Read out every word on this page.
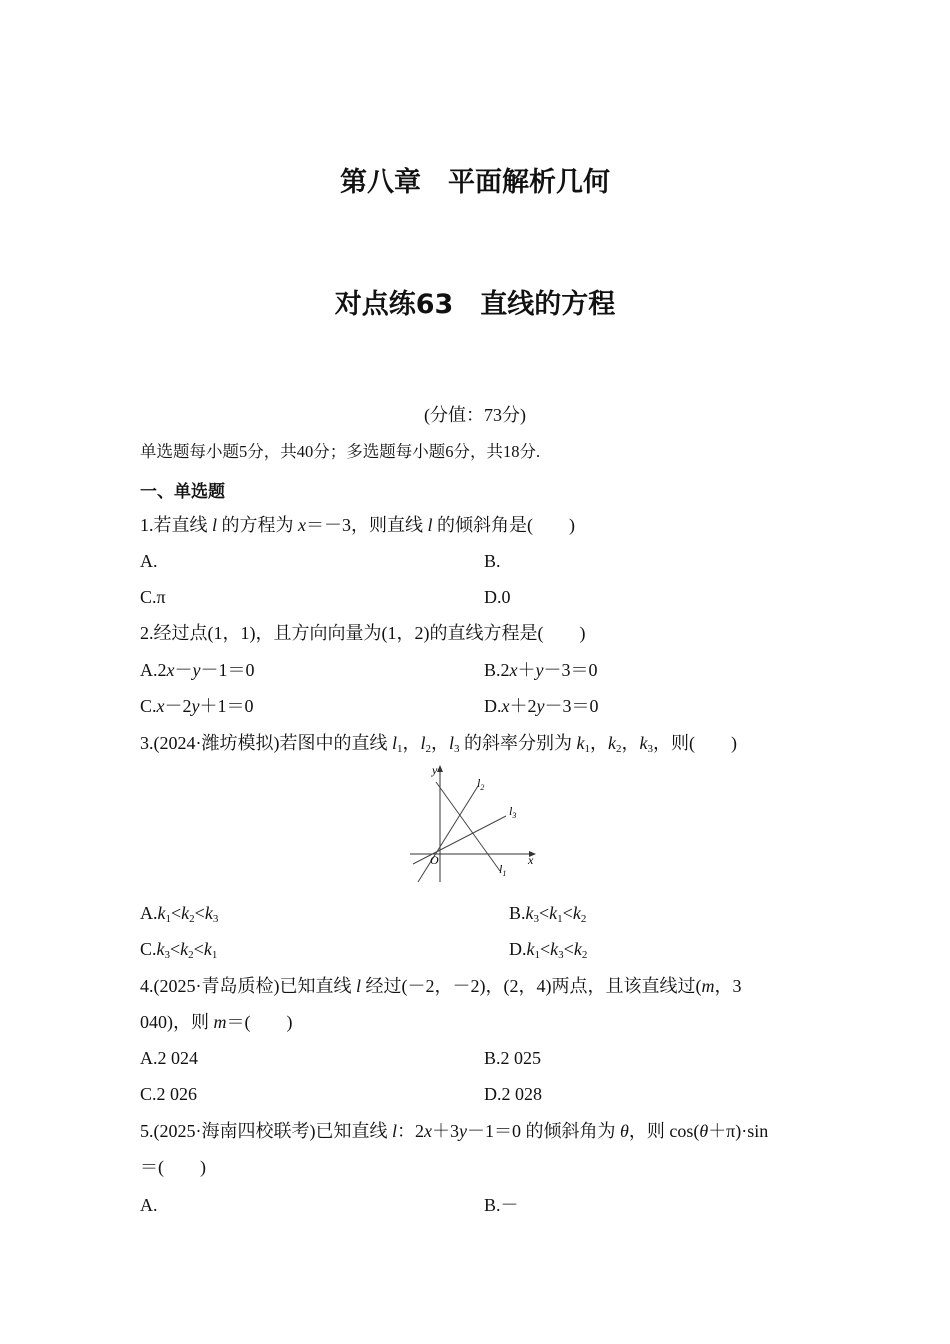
第八章　平面解析几何
对点练63　直线的方程
(分值：73分)
单选题每小题5分，共40分；多选题每小题6分，共18分.
一、单选题
1.若直线 l 的方程为 x＝－3，则直线 l 的倾斜角是(　　)
A.	B.
C.π	D.0
2.经过点(1，1)，且方向向量为(1，2)的直线方程是(　　)
A.2x－y－1＝0	B.2x＋y－3＝0
C.x－2y＋1＝0	D.x＋2y－3＝0
3.(2024·潍坊模拟)若图中的直线 $l_1$，$l_2$，$l_3$ 的斜率分别为 $k_1$，$k_2$，$k_3$，则(　　)
y
x
O
$l_2$
$l_3$
$l_1$
$A.k_1<k_2<k_3$	$B.k_3<k_1<k_2$
$C.k_3<k_2<k_1$	$D.k_1<k_3<k_2$
4.(2025·青岛质检)已知直线 l 经过(－2，－2)，(2，4)两点，且该直线过(m，3
040)，则 m＝(　　)
A.2 024	B.2 025
C.2 026	D.2 028
5.(2025·海南四校联考)已知直线 l：2x＋3y－1＝0 的倾斜角为 θ，则 cos(θ＋π)·sin
＝(　　)
A.	B.－
